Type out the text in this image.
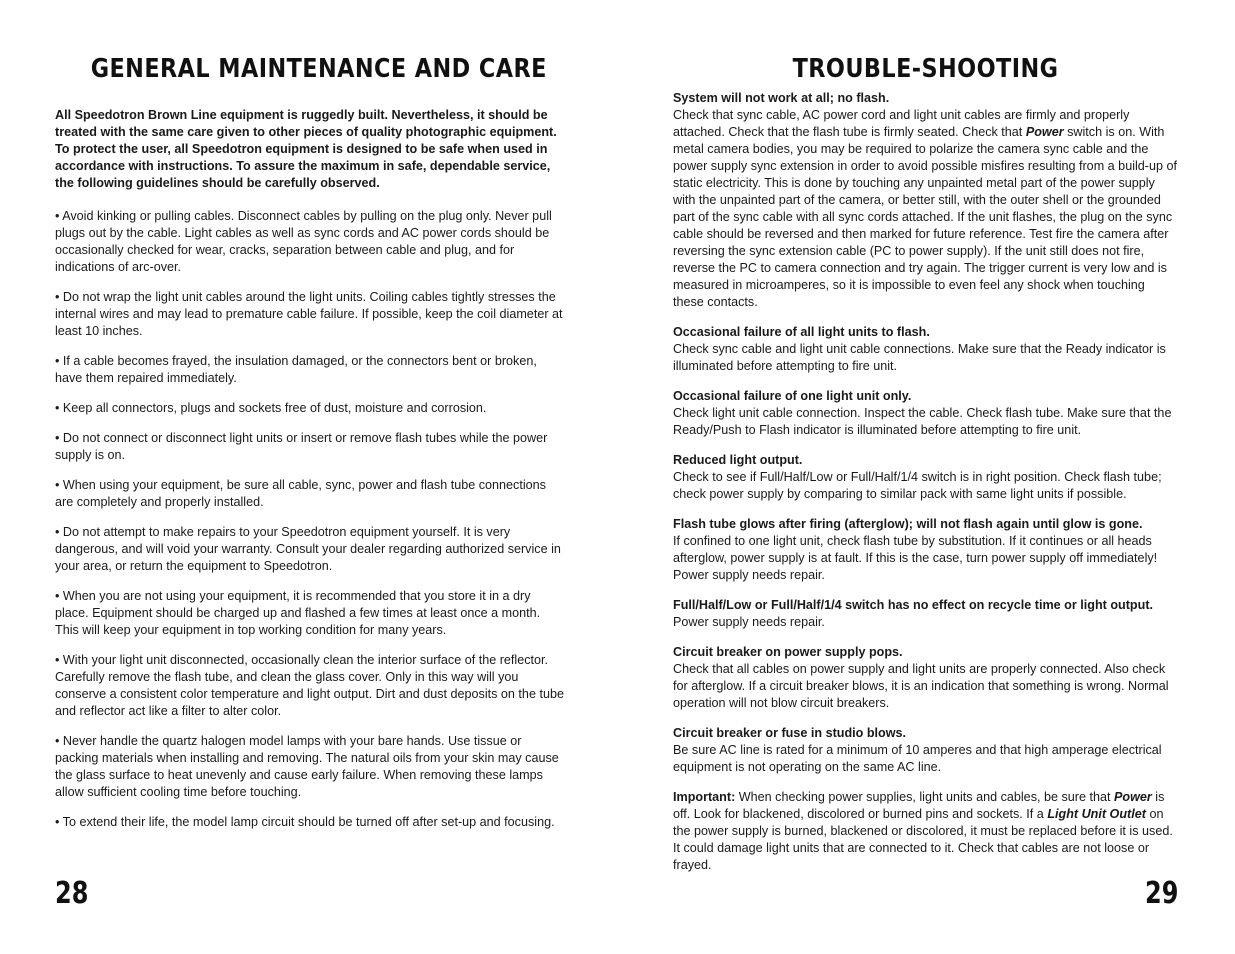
GENERAL MAINTENANCE AND CARE

All Speedotron Brown Line equipment is ruggedly built. Nevertheless, it should be treated with the same care given to other pieces of quality photographic equipment. To protect the user, all Speedotron equipment is designed to be safe when used in accordance with instructions. To assure the maximum in safe, dependable service, the following guidelines should be carefully observed.

• Avoid kinking or pulling cables. Disconnect cables by pulling on the plug only. Never pull plugs out by the cable. Light cables as well as sync cords and AC power cords should be occasionally checked for wear, cracks, separation between cable and plug, and for indications of arc-over.

• Do not wrap the light unit cables around the light units. Coiling cables tightly stresses the internal wires and may lead to premature cable failure. If possible, keep the coil diameter at least 10 inches.

• If a cable becomes frayed, the insulation damaged, or the connectors bent or broken, have them repaired immediately.

• Keep all connectors, plugs and sockets free of dust, moisture and corrosion.

• Do not connect or disconnect light units or insert or remove flash tubes while the power supply is on.

• When using your equipment, be sure all cable, sync, power and flash tube connections are completely and properly installed.

• Do not attempt to make repairs to your Speedotron equipment yourself. It is very dangerous, and will void your warranty. Consult your dealer regarding authorized service in your area, or return the equipment to Speedotron.

• When you are not using your equipment, it is recommended that you store it in a dry place. Equipment should be charged up and flashed a few times at least once a month. This will keep your equipment in top working condition for many years.

• With your light unit disconnected, occasionally clean the interior surface of the reflector. Carefully remove the flash tube, and clean the glass cover. Only in this way will you conserve a consistent color temperature and light output. Dirt and dust deposits on the tube and reflector act like a filter to alter color.

• Never handle the quartz halogen model lamps with your bare hands. Use tissue or packing materials when installing and removing. The natural oils from your skin may cause the glass surface to heat unevenly and cause early failure. When removing these lamps allow sufficient cooling time before touching.

• To extend their life, the model lamp circuit should be turned off after set-up and focusing.

28
TROUBLE-SHOOTING
System will not work at all; no flash.
Check that sync cable, AC power cord and light unit cables are firmly and properly attached. Check that the flash tube is firmly seated. Check that Power switch is on. With metal camera bodies, you may be required to polarize the camera sync cable and the power supply sync extension in order to avoid possible misfires resulting from a build-up of static electricity. This is done by touching any unpainted metal part of the power supply with the unpainted part of the camera, or better still, with the outer shell or the grounded part of the sync cable with all sync cords attached. If the unit flashes, the plug on the sync cable should be reversed and then marked for future reference. Test fire the camera after reversing the sync extension cable (PC to power supply). If the unit still does not fire, reverse the PC to camera connection and try again. The trigger current is very low and is measured in microamperes, so it is impossible to even feel any shock when touching these contacts.
Occasional failure of all light units to flash.
Check sync cable and light unit cable connections. Make sure that the Ready indicator is illuminated before attempting to fire unit.
Occasional failure of one light unit only.
Check light unit cable connection. Inspect the cable. Check flash tube. Make sure that the Ready/Push to Flash indicator is illuminated before attempting to fire unit.
Reduced light output.
Check to see if Full/Half/Low or Full/Half/1/4 switch is in right position. Check flash tube; check power supply by comparing to similar pack with same light units if possible.
Flash tube glows after firing (afterglow); will not flash again until glow is gone.
If confined to one light unit, check flash tube by substitution. If it continues or all heads afterglow, power supply is at fault. If this is the case, turn power supply off immediately! Power supply needs repair.
Full/Half/Low or Full/Half/1/4 switch has no effect on recycle time or light output.
Power supply needs repair.
Circuit breaker on power supply pops.
Check that all cables on power supply and light units are properly connected. Also check for afterglow. If a circuit breaker blows, it is an indication that something is wrong. Normal operation will not blow circuit breakers.
Circuit breaker or fuse in studio blows.
Be sure AC line is rated for a minimum of 10 amperes and that high amperage electrical equipment is not operating on the same AC line.
Important: When checking power supplies, light units and cables, be sure that Power is off. Look for blackened, discolored or burned pins and sockets. If a Light Unit Outlet on the power supply is burned, blackened or discolored, it must be replaced before it is used. It could damage light units that are connected to it. Check that cables are not loose or frayed.
29
